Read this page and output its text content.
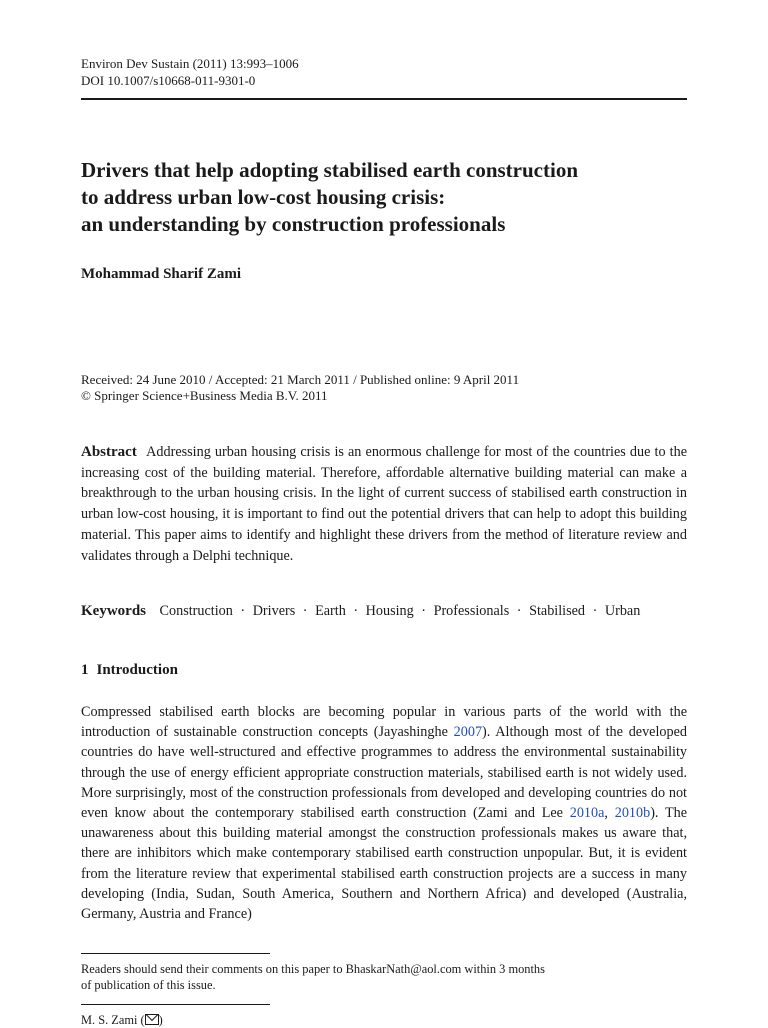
Environ Dev Sustain (2011) 13:993–1006
DOI 10.1007/s10668-011-9301-0
Drivers that help adopting stabilised earth construction
to address urban low-cost housing crisis:
an understanding by construction professionals
Mohammad Sharif Zami
Received: 24 June 2010 / Accepted: 21 March 2011 / Published online: 9 April 2011
© Springer Science+Business Media B.V. 2011
Abstract Addressing urban housing crisis is an enormous challenge for most of the countries due to the increasing cost of the building material. Therefore, affordable alternative building material can make a breakthrough to the urban housing crisis. In the light of current success of stabilised earth construction in urban low-cost housing, it is important to find out the potential drivers that can help to adopt this building material. This paper aims to identify and highlight these drivers from the method of literature review and validates through a Delphi technique.
Keywords Construction · Drivers · Earth · Housing · Professionals · Stabilised · Urban
1 Introduction
Compressed stabilised earth blocks are becoming popular in various parts of the world with the introduction of sustainable construction concepts (Jayashinghe 2007). Although most of the developed countries do have well-structured and effective programmes to address the environmental sustainability through the use of energy efficient appropriate construction materials, stabilised earth is not widely used. More surprisingly, most of the construction professionals from developed and developing countries do not even know about the contemporary stabilised earth construction (Zami and Lee 2010a, 2010b). The unawareness about this building material amongst the construction professionals makes us aware that, there are inhibitors which make contemporary stabilised earth construction unpopular. But, it is evident from the literature review that experimental stabilised earth construction projects are a success in many developing (India, Sudan, South America, Southern and Northern Africa) and developed (Australia, Germany, Austria and France)
Readers should send their comments on this paper to BhaskarNath@aol.com within 3 months
of publication of this issue.
M. S. Zami ( )
